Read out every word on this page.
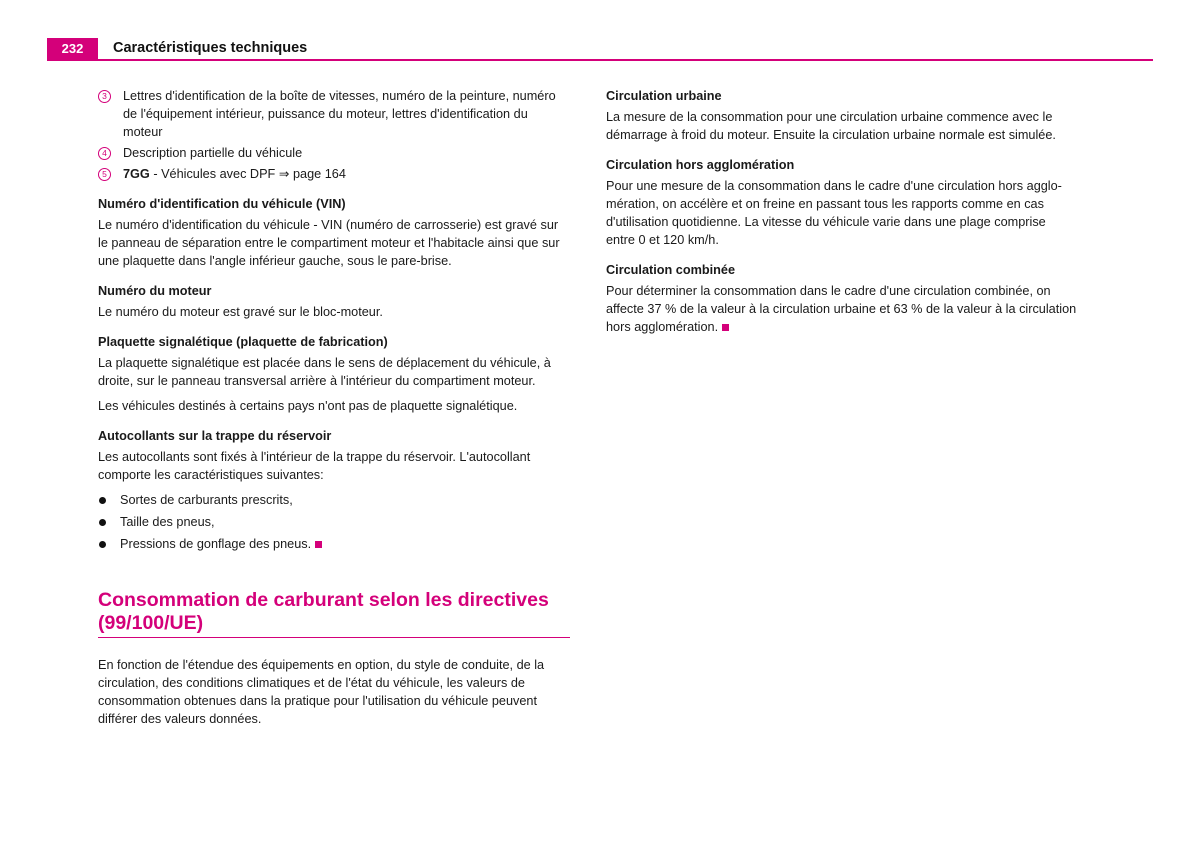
232	Caractéristiques techniques
3	Lettres d'identification de la boîte de vitesses, numéro de la peinture, numéro de l'équipement intérieur, puissance du moteur, lettres d'identification du moteur
4	Description partielle du véhicule
5	7GG - Véhicules avec DPF ⇒ page 164
Numéro d'identification du véhicule (VIN)

Le numéro d'identification du véhicule - VIN (numéro de carrosserie) est gravé sur le panneau de séparation entre le compartiment moteur et l'habitacle ainsi que sur une plaquette dans l'angle inférieur gauche, sous le pare-brise.

Numéro du moteur

Le numéro du moteur est gravé sur le bloc-moteur.

Plaquette signalétique (plaquette de fabrication)

La plaquette signalétique est placée dans le sens de déplacement du véhicule, à droite, sur le panneau transversal arrière à l'intérieur du compartiment moteur.

Les véhicules destinés à certains pays n'ont pas de plaquette signalétique.

Autocollants sur la trappe du réservoir

Les autocollants sont fixés à l'intérieur de la trappe du réservoir. L'autocollant comporte les caractéristiques suivantes:

Sortes de carburants prescrits,
Taille des pneus,
Pressions de gonflage des pneus.
Consommation de carburant selon les directives (99/100/UE)

En fonction de l'étendue des équipements en option, du style de conduite, de la circulation, des conditions climatiques et de l'état du véhicule, les valeurs de consommation obtenues dans la pratique pour l'utilisation du véhicule peuvent différer des valeurs données.

Circulation urbaine

La mesure de la consommation pour une circulation urbaine commence avec le démarrage à froid du moteur. Ensuite la circulation urbaine normale est simulée.

Circulation hors agglomération

Pour une mesure de la consommation dans le cadre d'une circulation hors agglo-mération, on accélère et on freine en passant tous les rapports comme en cas d'utilisation quotidienne. La vitesse du véhicule varie dans une plage comprise entre 0 et 120 km/h.

Circulation combinée

Pour déterminer la consommation dans le cadre d'une circulation combinée, on affecte 37 % de la valeur à la circulation urbaine et 63 % de la valeur à la circulation hors agglomération.
